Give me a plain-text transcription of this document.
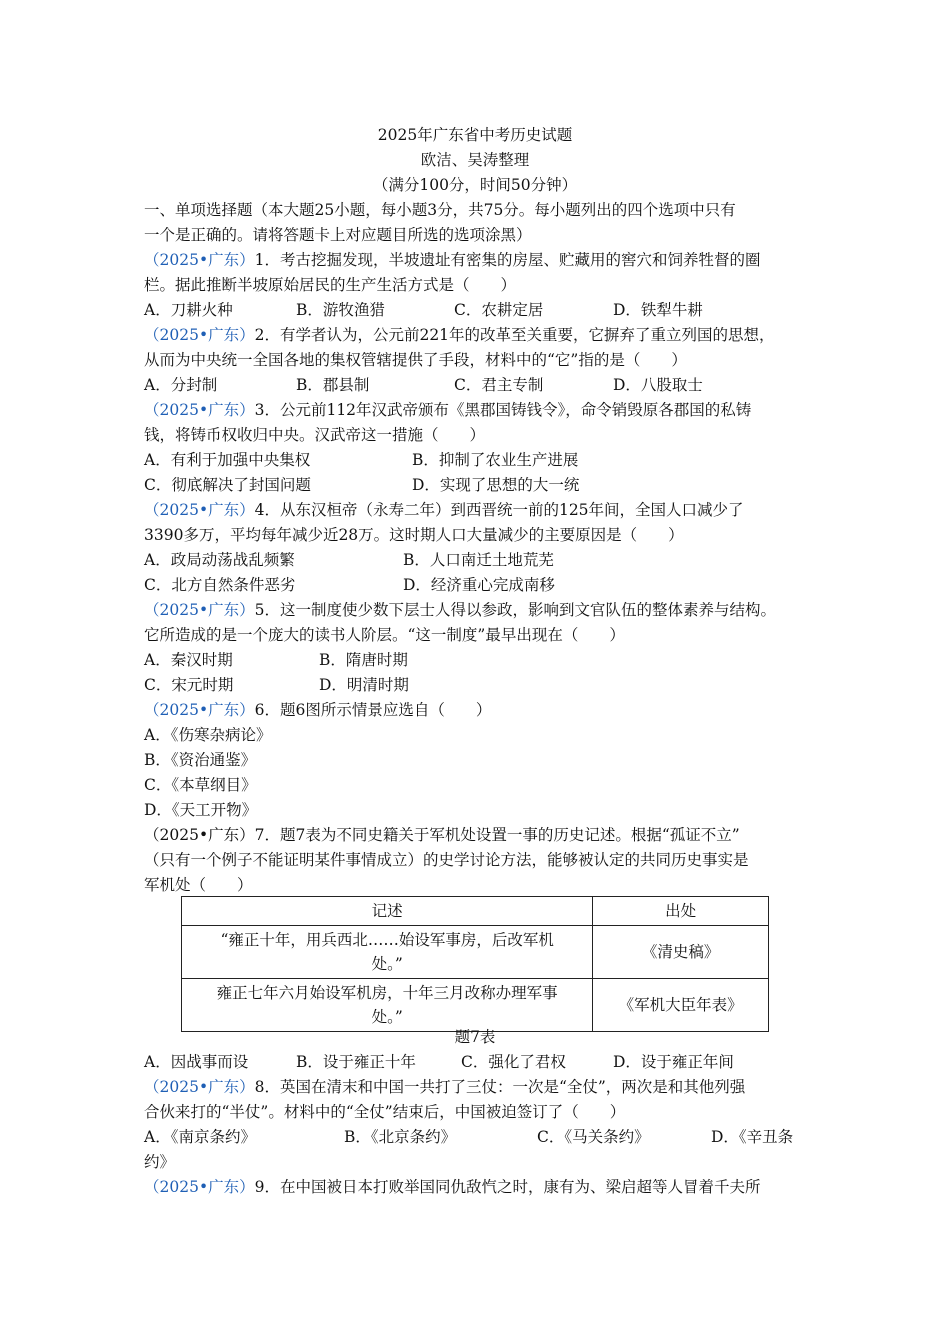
2025年广东省中考历史试题
欧洁、吴涛整理
（满分100分，时间50分钟）
一、单项选择题（本大题25小题，每小题3分，共75分。每小题列出的四个选项中只有
一个是正确的。请将答题卡上对应题目所选的选项涂黑）
（2025•广东）1．考古挖掘发现，半坡遗址有密集的房屋、贮藏用的窖穴和饲养牲督的圈
栏。据此推断半坡原始居民的生产生活方式是（　　）
A．刀耕火种	B．游牧渔猎	C．农耕定居	D．铁犁牛耕
（2025•广东）2．有学者认为，公元前221年的改革至关重要，它摒弃了重立列国的思想，
从而为中央统一全国各地的集权管辖提供了手段，材料中的“它”指的是（　　）
A．分封制	B．郡县制	C．君主专制	D．八股取士
（2025•广东）3．公元前112年汉武帝颁布《黑郡国铸钱令》，命令销毁原各郡国的私铸
钱，将铸币权收归中央。汉武帝这一措施（　　）
A．有利于加强中央集权	B．抑制了农业生产进展
C．彻底解决了封国问题	D．实现了思想的大一统
（2025•广东）4．从东汉桓帝（永寿二年）到西晋统一前的125年间，全国人口减少了
3390多万，平均每年减少近28万。这时期人口大量减少的主要原因是（　　）
A．政局动荡战乱频繁	B．人口南迁土地荒芜
C．北方自然条件恶劣	D．经济重心完成南移
（2025•广东）5．这一制度使少数下层士人得以参政，影响到文官队伍的整体素养与结构。
它所造成的是一个庞大的读书人阶层。“这一制度”最早出现在（　　）
A．秦汉时期	B．隋唐时期
C．宋元时期	D．明清时期
（2025•广东）6．题6图所示情景应选自（　　）
A．《伤寒杂病论》
B．《资治通鉴》
C．《本草纲目》
D．《天工开物》
（2025•广东）7．题7表为不同史籍关于军机处设置一事的历史记述。根据“孤证不立”
（只有一个例子不能证明某件事情成立）的史学讨论方法，能够被认定的共同历史事实是
军机处（　　）
记述	出处
“雍正十年，用兵西北……始设军事房，后改军机
处。”	《清史稿》
雍正七年六月始设军机房，十年三月改称办理军事
处。”	《军机大臣年表》
题7表
A．因战事而设	B．设于雍正十年	C．强化了君权	D．设于雍正年间
（2025•广东）8．英国在清末和中国一共打了三仗：一次是“全仗”，两次是和其他列强
合伙来打的“半仗”。材料中的“全仗”结束后，中国被迫签订了（　　）
A．《南京条约》	B．《北京条约》	C．《马关条约》	D．《辛丑条
约》
（2025•广东）9．在中国被日本打败举国同仇敌忾之时，康有为、梁启超等人冒着千夫所
